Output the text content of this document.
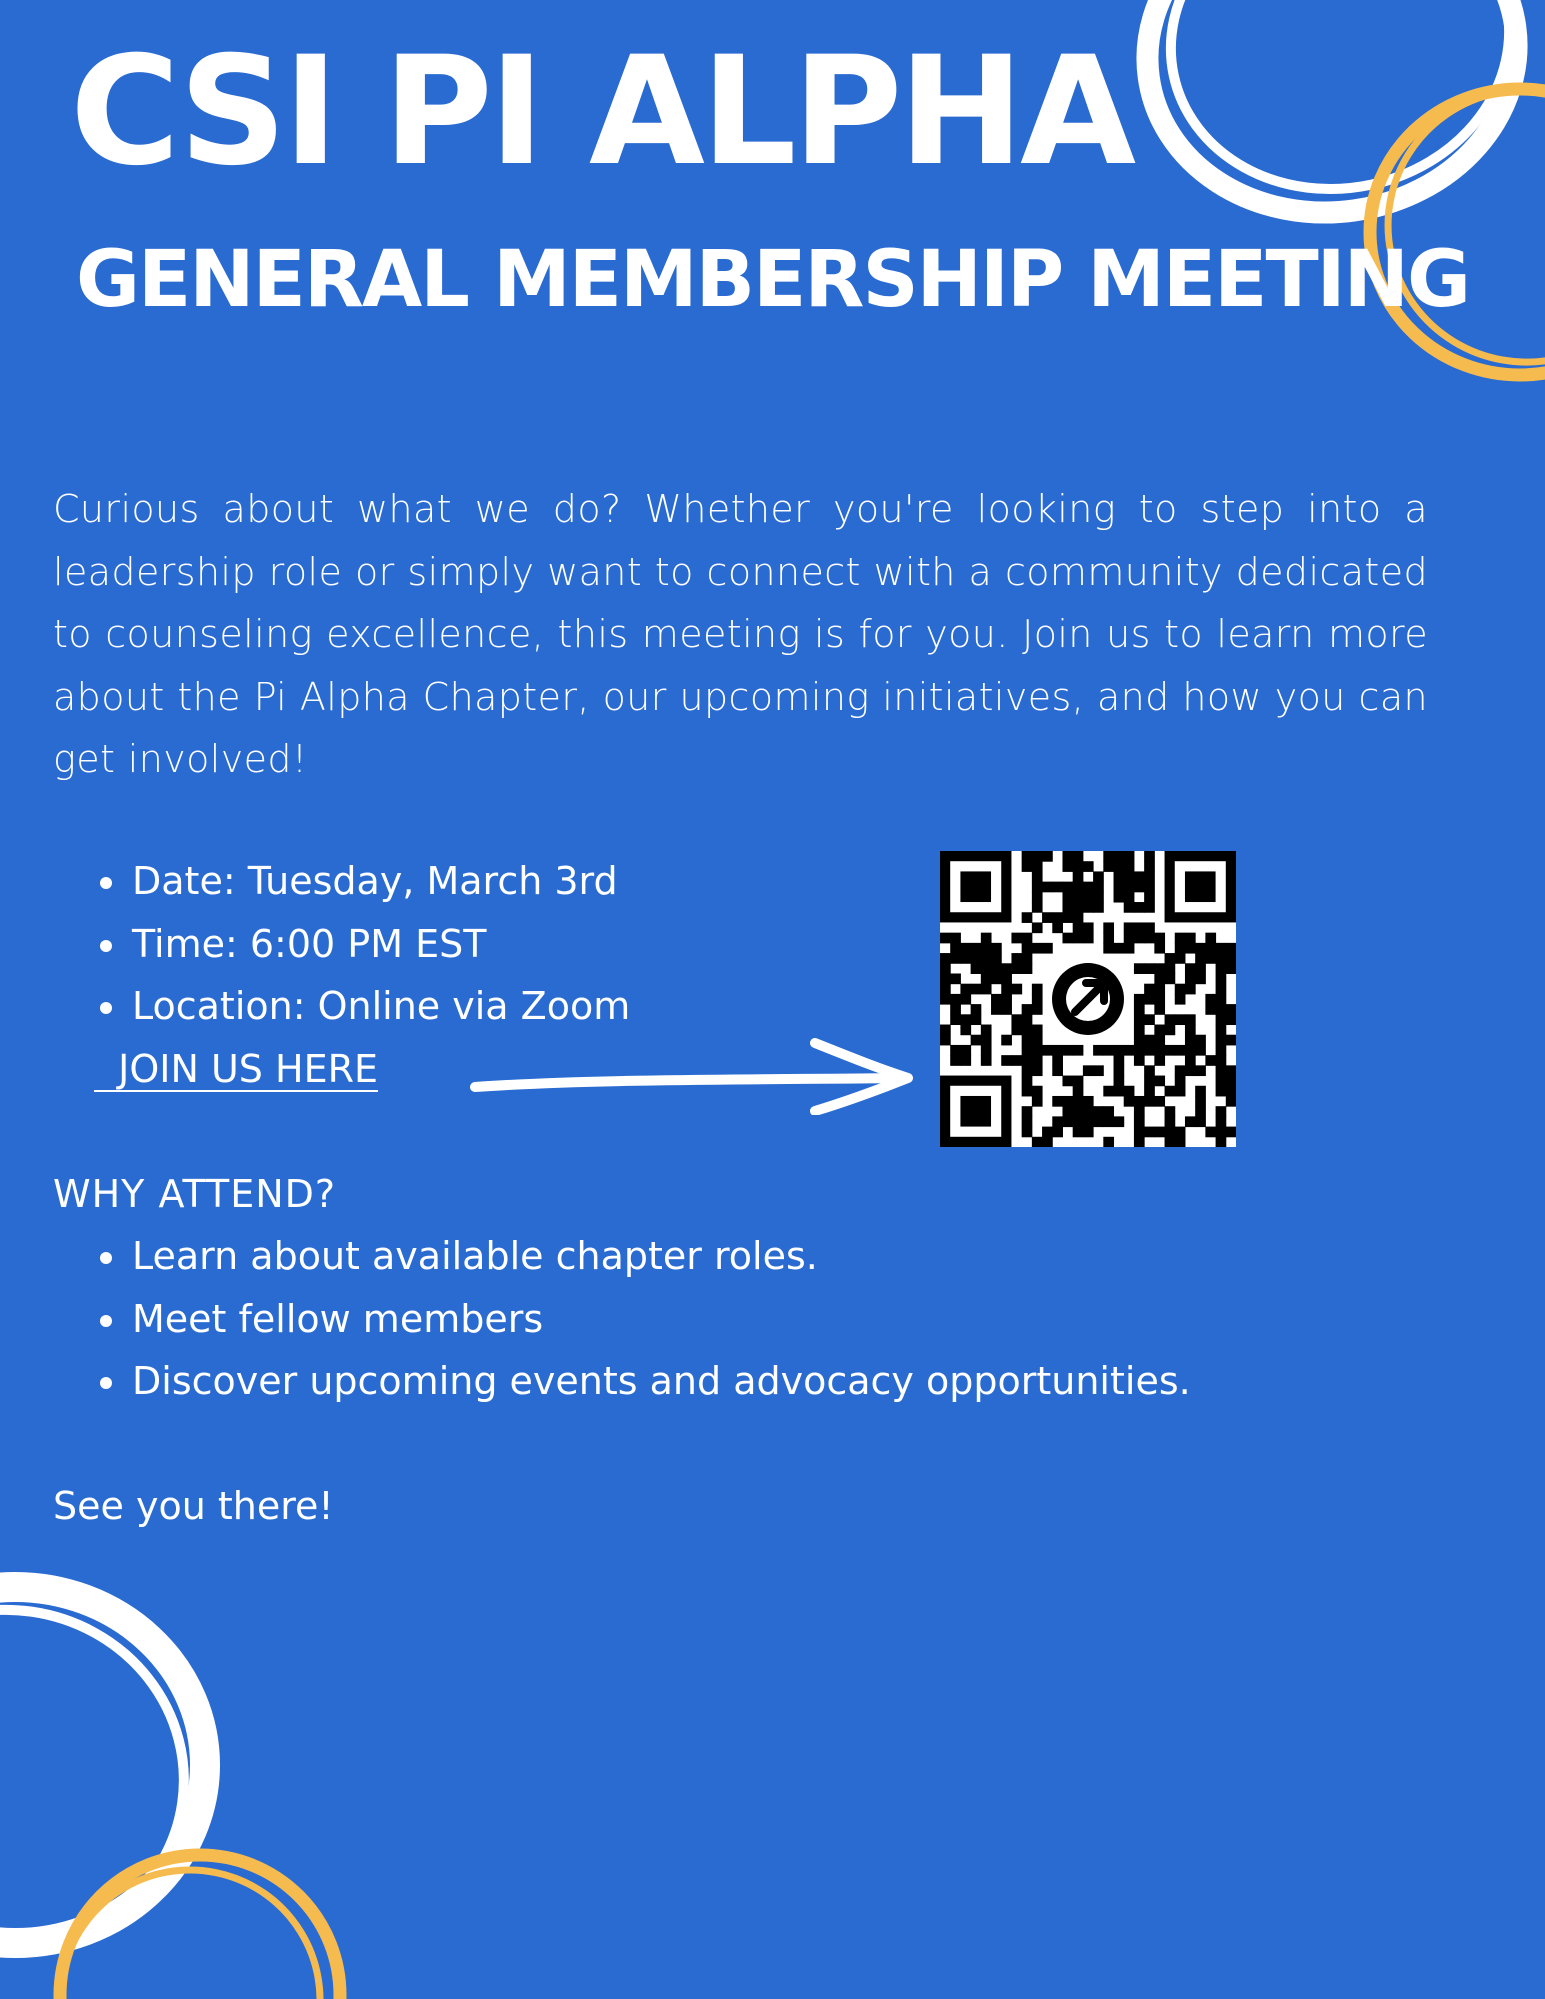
CSI PI ALPHA
GENERAL MEMBERSHIP MEETING

Curious about what we do? Whether you're looking to step into a leadership role or simply want to connect with a community dedicated to counseling excellence, this meeting is for you. Join us to learn more about the Pi Alpha Chapter, our upcoming initiatives, and how you can get involved!

• Date: Tuesday, March 3rd
• Time: 6:00 PM EST
• Location: Online via Zoom
JOIN US HERE
WHY ATTEND?
• Learn about available chapter roles.
• Meet fellow members
• Discover upcoming events and advocacy opportunities.

See you there!
